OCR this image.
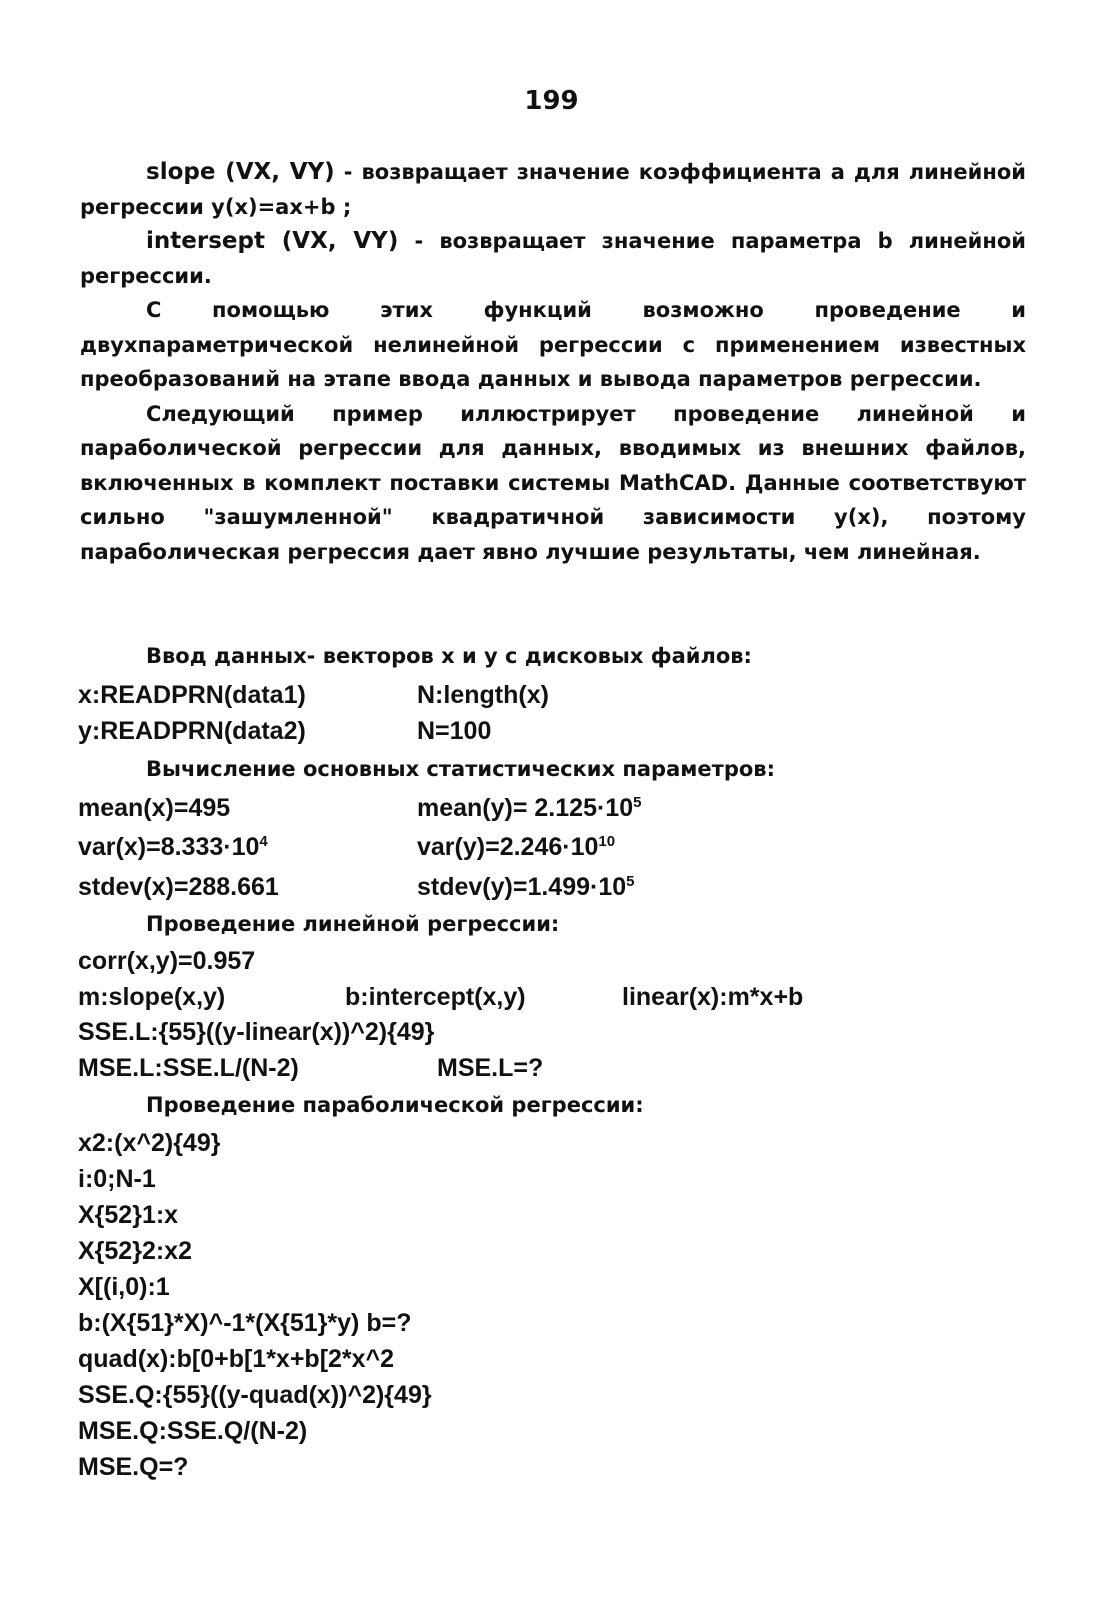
199

slope (VX, VY) - возвращает значение коэффициента a для линейной регрессии y(x)=ax+b ;

intersept (VX, VY) - возвращает значение параметра b линейной регрессии.

С помощью этих функций возможно проведение и двухпараметрической нелинейной регрессии с применением известных преобразований на этапе ввода данных и вывода параметров регрессии.

Следующий пример иллюстрирует проведение линейной и параболической регрессии для данных, вводимых из внешних файлов, включенных в комплект поставки системы MathCAD. Данные соответствуют сильно "зашумленной" квадратичной зависимости y(x), поэтому параболическая регрессия дает явно лучшие результаты, чем линейная.

Ввод данных- векторов x и y с дисковых файлов:
x:READPRN(data1)	N:length(x)
y:READPRN(data2)	N=100
Вычисление основных статистических параметров:
mean(x)=495	mean(y)= $2.125\cdot 10^5$
$var(x)=8.333\cdot 10^4$	$var(y)=2.246\cdot 10^{10}$
stdev(x)=288.661	$stdev(y)=1.499\cdot 10^5$
Проведение линейной регрессии:
corr(x,y)=0.957
m:slope(x,y)	b:intercept(x,y)	linear(x):m*x+b
SSE.L:{55}((y-linear(x))^2){49}
MSE.L:SSE.L/(N-2)	MSE.L=?
Проведение параболической регрессии:
x2:(x^2){49}
i:0;N-1
X{52}1:x
X{52}2:x2
X[(i,0):1
b:(X{51}*X)^-1*(X{51}*y) b=?
quad(x):b[0+b[1*x+b[2*x^2
SSE.Q:{55}((y-quad(x))^2){49}
MSE.Q:SSE.Q/(N-2)
MSE.Q=?
